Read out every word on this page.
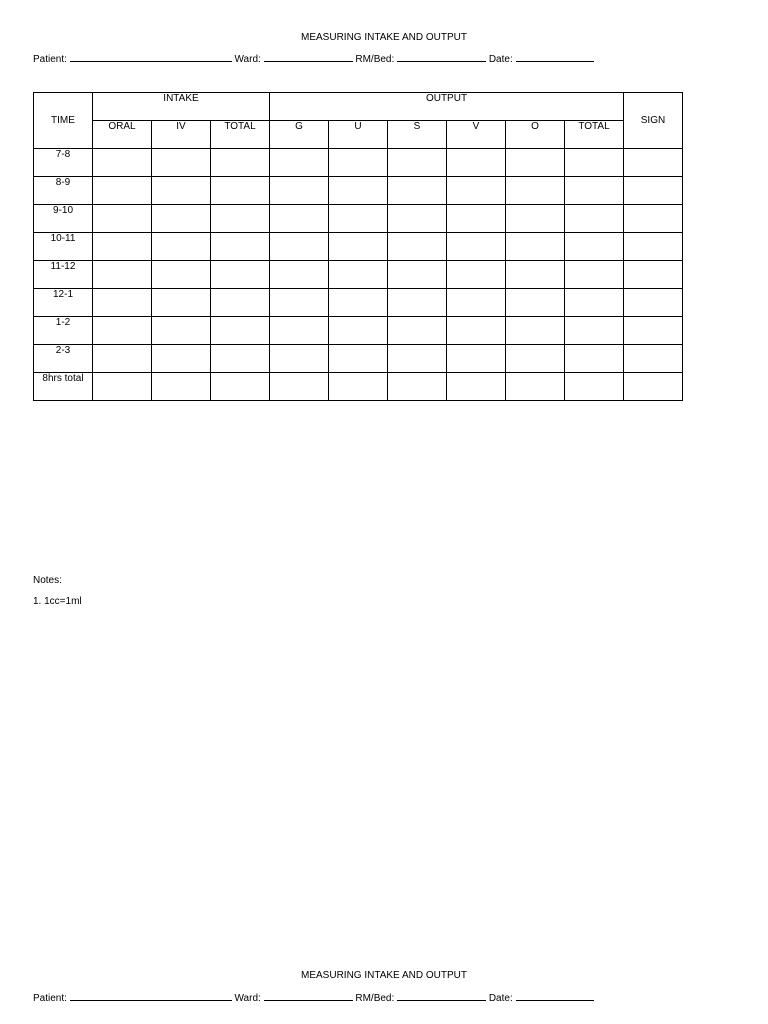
MEASURING INTAKE AND OUTPUT
Patient:	Ward:	RM/Bed:	Date:
TIME	INTAKE			OUTPUT						SIGN
	ORAL	IV	TOTAL	G	U	S	V	O	TOTAL	
7-8										
8-9										
9-10										
10-11										
11-12										
12-1										
1-2										
2-3										
8hrs total										
Notes:
1. 1cc=1ml
MEASURING INTAKE AND OUTPUT
Patient:	Ward:	RM/Bed:	Date:
